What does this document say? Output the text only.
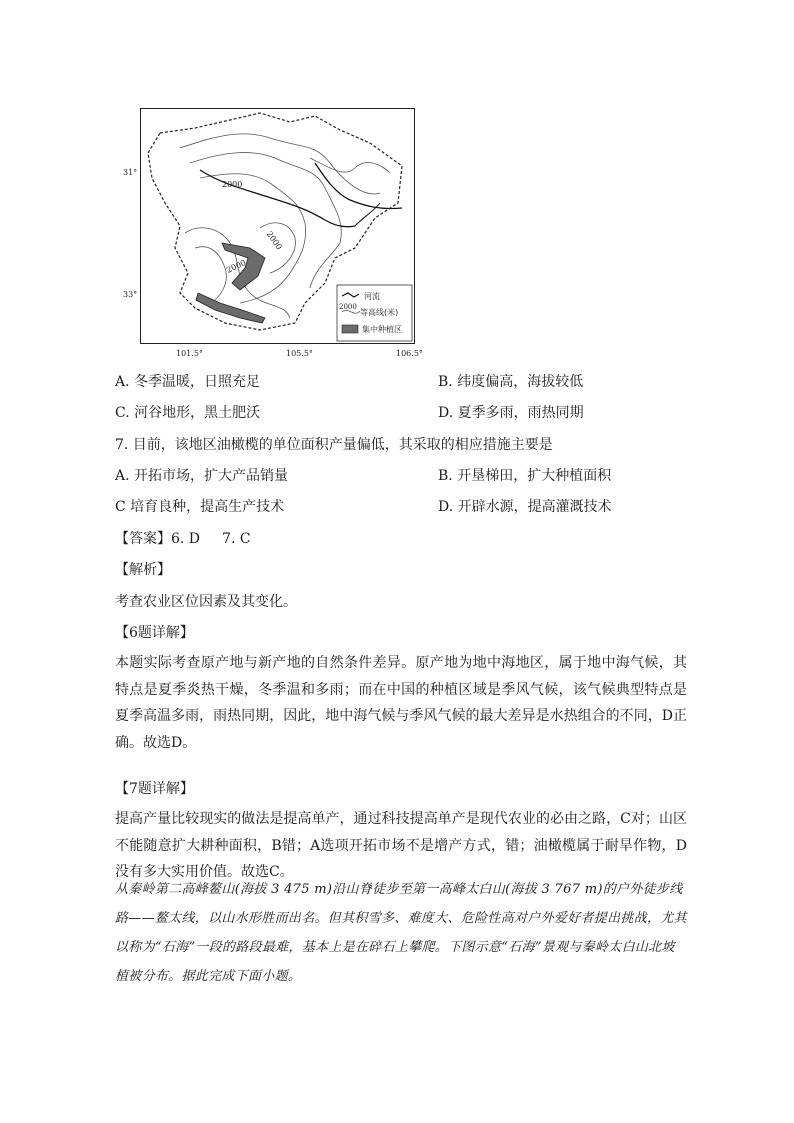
2000
2000
2000
河流
2000
等高线(米)
集中种植区
31°
33°
101.5°	105.5°	106.5°
A. 冬季温暖，日照充足	B. 纬度偏高，海拔较低
C. 河谷地形，黑土肥沃	D. 夏季多雨，雨热同期
7. 目前，该地区油橄榄的单位面积产量偏低，其采取的相应措施主要是
A. 开拓市场，扩大产品销量	B. 开垦梯田，扩大种植面积
C 培育良种，提高生产技术	D. 开辟水源，提高灌溉技术
【答案】6. D 7. C
【解析】
考查农业区位因素及其变化。
【6题详解】
本题实际考查原产地与新产地的自然条件差异。原产地为地中海地区，属于地中海气候，其特点是夏季炎热干燥，冬季温和多雨；而在中国的种植区域是季风气候，该气候典型特点是夏季高温多雨，雨热同期，因此，地中海气候与季风气候的最大差异是水热组合的不同，D正确。故选D。
【7题详解】
提高产量比较现实的做法是提高单产，通过科技提高单产是现代农业的必由之路，C对；山区不能随意扩大耕种面积，B错；A选项开拓市场不是增产方式，错；油橄榄属于耐旱作物，D没有多大实用价值。故选C。
从秦岭第二高峰鳌山(海拔 3 475 m)沿山脊徒步至第一高峰太白山(海拔 3 767 m)的户外徒步线路——鳌太线，以山水形胜而出名。但其积雪多、难度大、危险性高对户外爱好者提出挑战，尤其以称为“石海”一段的路段最难，基本上是在碎石上攀爬。下图示意“石海”景观与秦岭太白山北坡植被分布。据此完成下面小题。
